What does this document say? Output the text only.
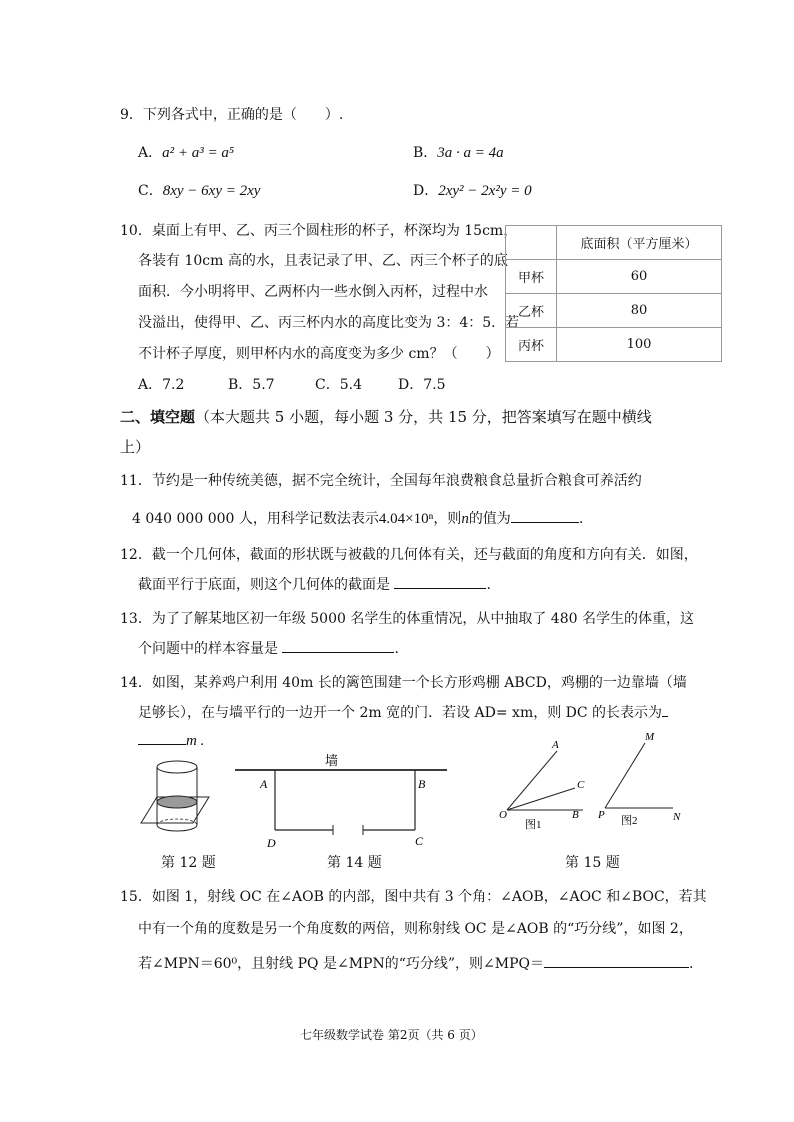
9．下列各式中，正确的是（　　）.
A．a² + a³ = a⁵	B．3a · a = 4a
C．8xy − 6xy = 2xy	D．2xy² − 2x²y = 0
10．桌面上有甲、乙、丙三个圆柱形的杯子，杯深均为 15cm，
各装有 10cm 高的水，且表记录了甲、乙、丙三个杯子的底
面积．今小明将甲、乙两杯内一些水倒入丙杯，过程中水
没溢出，使得甲、乙、丙三杯内水的高度比变为 3：4：5．若
不计杯子厚度，则甲杯内水的高度变为多少 cm？（　　）
A．7.2	B．5.7	C．5.4	D．7.5
	底面积（平方厘米）
甲杯	60
乙杯	80
丙杯	100
二、填空题（本大题共 5 小题，每小题 3 分，共 15 分，把答案填写在题中横线
上）
11．节约是一种传统美德，据不完全统计，全国每年浪费粮食总量折合粮食可养活约
4 040 000 000 人，用科学记数法表示4.04×10ⁿ，则n的值为	.
12．截一个几何体，截面的形状既与被截的几何体有关，还与截面的角度和方向有关．如图，
截面平行于底面，则这个几何体的截面是	.
13．为了了解某地区初一年级 5000 名学生的体重情况，从中抽取了 480 名学生的体重，这
个问题中的样本容量是	.
14．如图，某养鸡户利用 40m 长的篱笆围建一个长方形鸡棚 ABCD，鸡棚的一边靠墙（墙
足够长），在与墙平行的一边开一个 2m 宽的门．若设 AD= xm，则 DC 的长表示为
m .
墙
A	B
C
D
A
C
O	B
M
P	N
图1	图2
第 12 题	第 14 题	第 15 题
15．如图 1，射线 OC 在∠AOB 的内部，图中共有 3 个角：∠AOB，∠AOC 和∠BOC，若其
中有一个角的度数是另一个角度数的两倍，则称射线 OC 是∠AOB 的“巧分线”，如图 2，
若∠MPN＝60⁰，且射线 PQ 是∠MPN的“巧分线”，则∠MPQ＝	.
七年级数学试卷 第2页（共 6 页）
